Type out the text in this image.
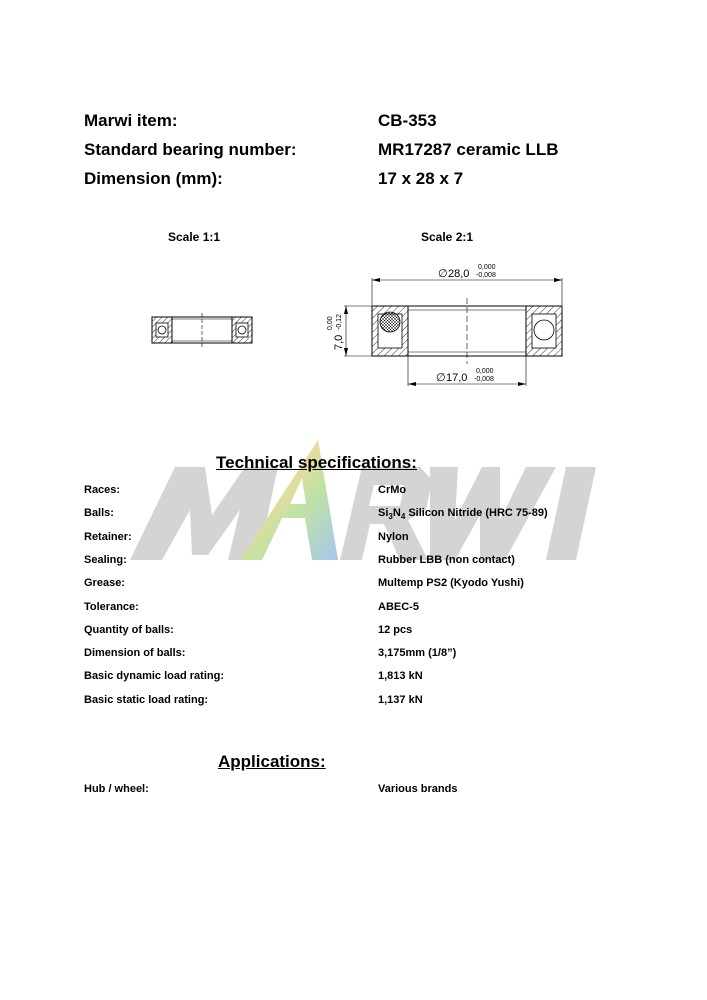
Marwi item:	CB-353
Standard bearing number:	MR17287 ceramic LLB
Dimension (mm):	17 x 28 x 7
Scale 1:1	Scale 2:1
∅ 28,0
0,000
-0,008
∅ 17,0
0,000
-0,008
7,0
0,00 -0,12
Technical specifications:
Races:	CrMo
Balls:	$Si_3N_4$ Silicon Nitride (HRC 75-89)
Retainer:	Nylon
Sealing:	Rubber LBB (non contact)
Grease:	Multemp PS2 (Kyodo Yushi)
Tolerance:	ABEC-5
Quantity of balls:	12 pcs
Dimension of balls:	3,175mm (1/8”)
Basic dynamic load rating:	1,813 kN
Basic static load rating:	1,137 kN
Applications:
Hub / wheel:	Various brands
